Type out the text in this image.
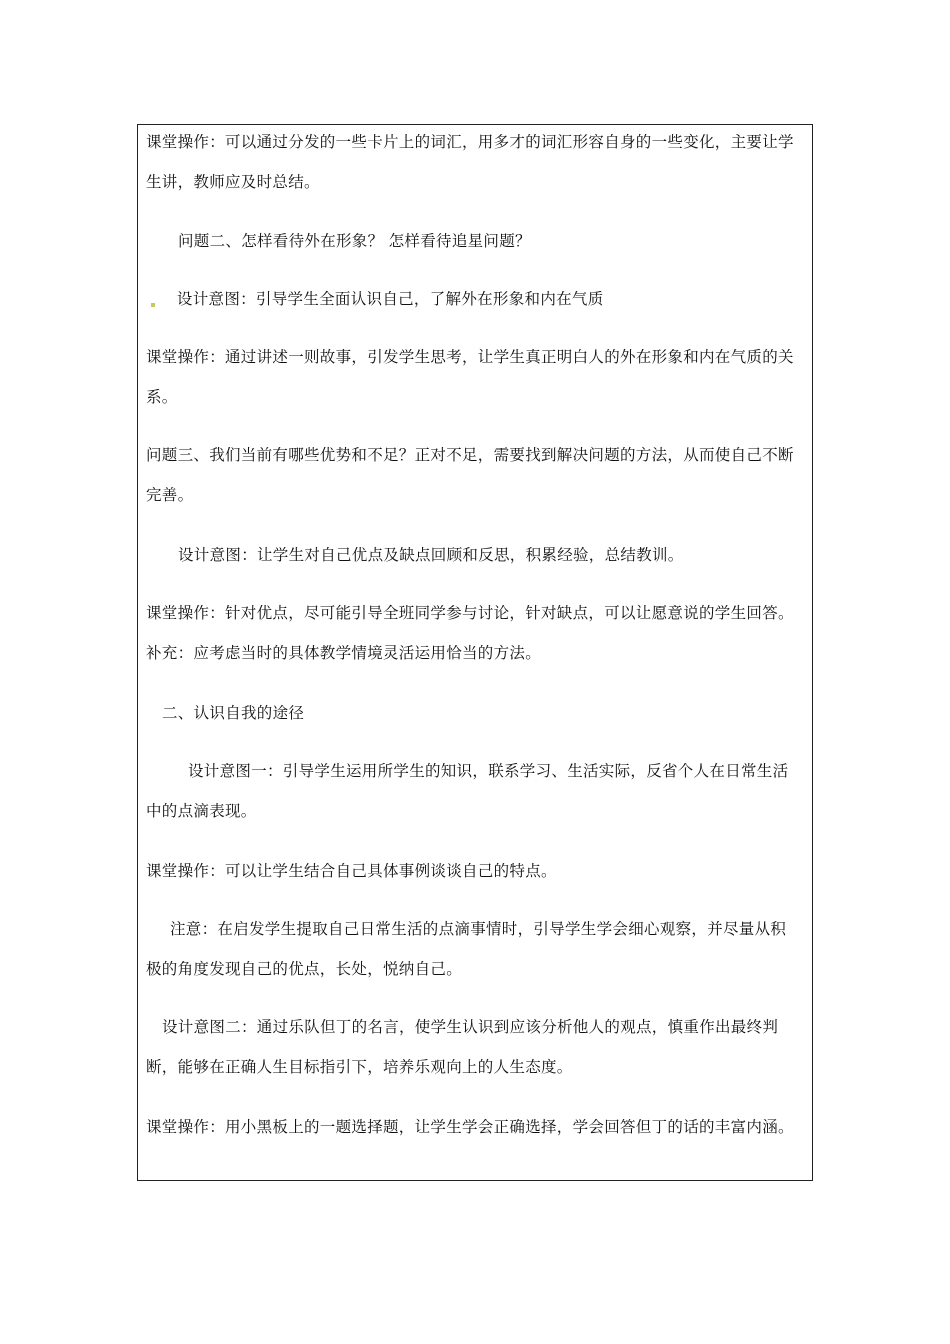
课堂操作：可以通过分发的一些卡片上的词汇，用多才的词汇形容自身的一些变化，主要让学生讲，教师应及时总结。

问题二、怎样看待外在形象？ 怎样看待追星问题？

设计意图：引导学生全面认识自己，了解外在形象和内在气质

课堂操作：通过讲述一则故事，引发学生思考，让学生真正明白人的外在形象和内在气质的关系。

问题三、我们当前有哪些优势和不足？正对不足，需要找到解决问题的方法，从而使自己不断完善。

设计意图：让学生对自己优点及缺点回顾和反思，积累经验，总结教训。

课堂操作：针对优点，尽可能引导全班同学参与讨论，针对缺点，可以让愿意说的学生回答。补充：应考虑当时的具体教学情境灵活运用恰当的方法。

二、认识自我的途径

设计意图一：引导学生运用所学生的知识，联系学习、生活实际，反省个人在日常生活中的点滴表现。

课堂操作：可以让学生结合自己具体事例谈谈自己的特点。

注意：在启发学生提取自己日常生活的点滴事情时，引导学生学会细心观察，并尽量从积极的角度发现自己的优点，长处，悦纳自己。

设计意图二：通过乐队但丁的名言，使学生认识到应该分析他人的观点，慎重作出最终判断，能够在正确人生目标指引下，培养乐观向上的人生态度。

课堂操作：用小黑板上的一题选择题，让学生学会正确选择，学会回答但丁的话的丰富内涵。
